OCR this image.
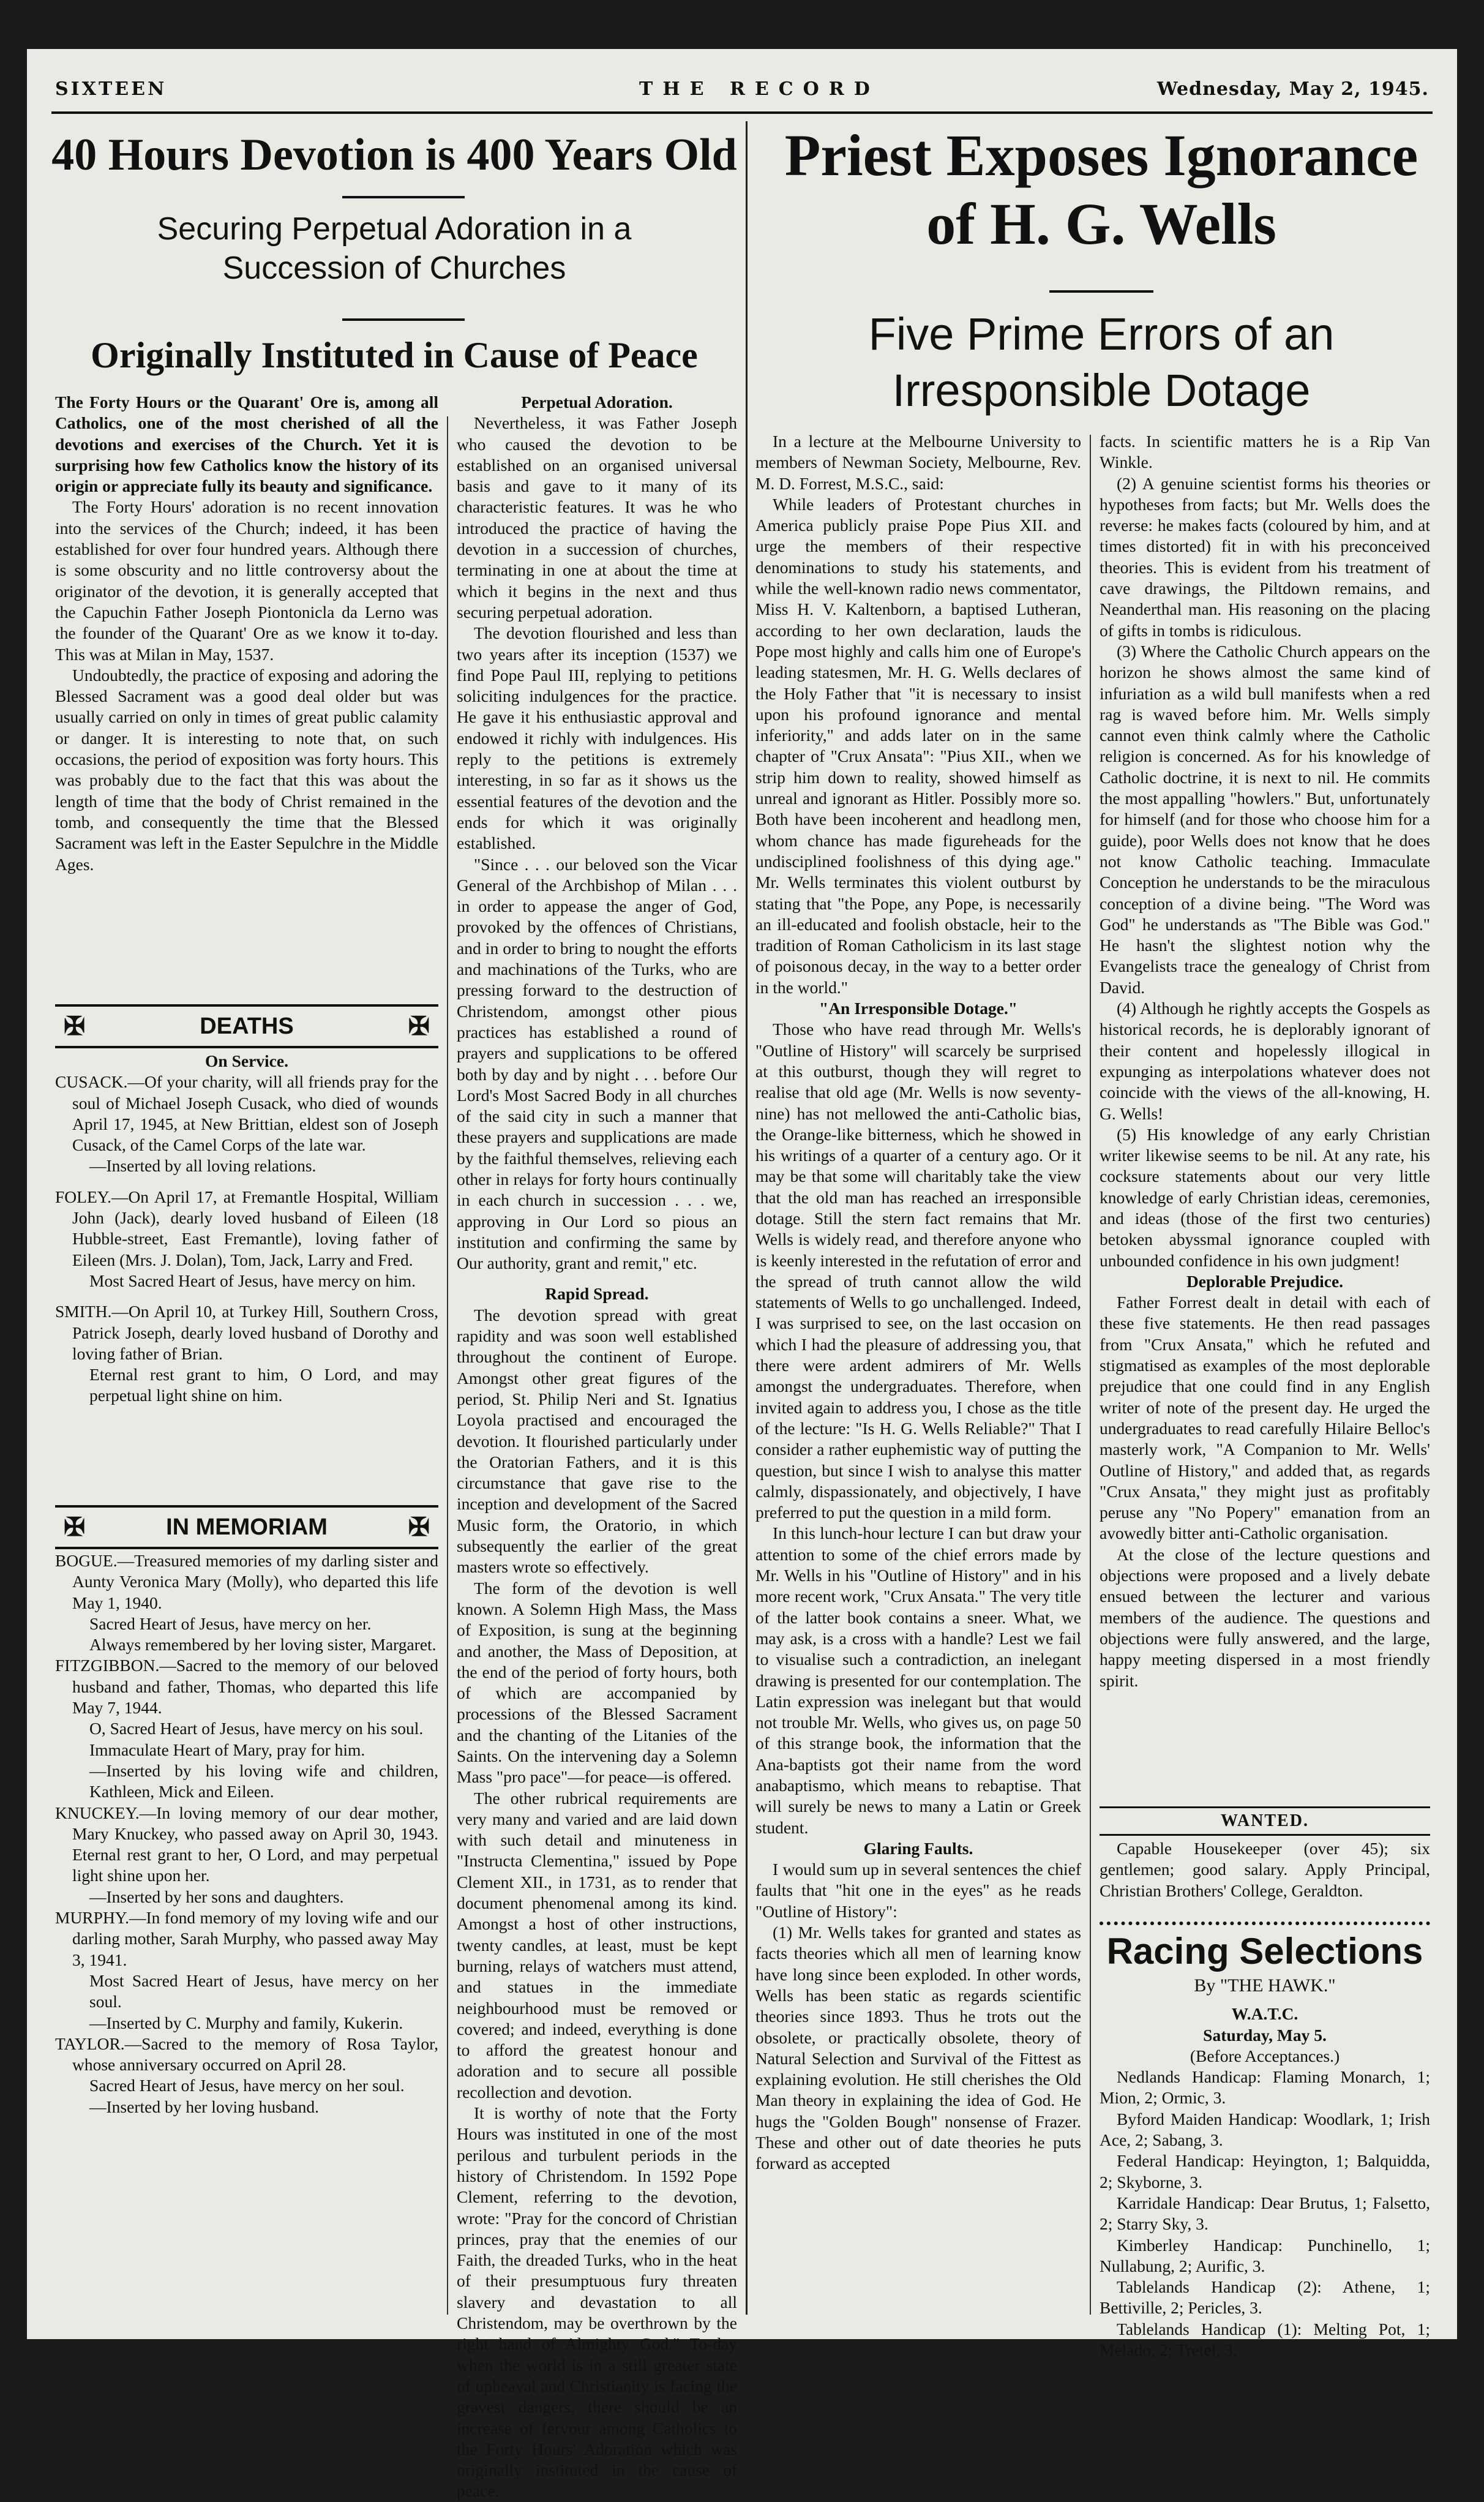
SIXTEEN	THE RECORD	Wednesday, May 2, 1945.
40 Hours Devotion is 400 Years Old
Securing Perpetual Adoration in a Succession of Churches
Originally Instituted in Cause of Peace

The Forty Hours or the Quarant' Ore is, among all Catholics, one of the most cherished of all the devotions and exercises of the Church. Yet it is surprising how few Catholics know the history of its origin or appreciate fully its beauty and significance.

The Forty Hours' adoration is no recent innovation into the services of the Church; indeed, it has been established for over four hundred years. Although there is some obscurity and no little controversy about the originator of the devotion, it is generally accepted that the Capuchin Father Joseph Piontonicla da Lerno was the founder of the Quarant' Ore as we know it to-day. This was at Milan in May, 1537.

Undoubtedly, the practice of exposing and adoring the Blessed Sacrament was a good deal older but was usually carried on only in times of great public calamity or danger. It is interesting to note that, on such occasions, the period of exposition was forty hours. This was probably due to the fact that this was about the length of time that the body of Christ remained in the tomb, and consequently the time that the Blessed Sacrament was left in the Easter Sepulchre in the Middle Ages.

✠	DEATHS	✠

On Service.

CUSACK.—Of your charity, will all friends pray for the soul of Michael Joseph Cusack, who died of wounds April 17, 1945, at New Brittian, eldest son of Joseph Cusack, of the Camel Corps of the late war.

—Inserted by all loving relations.

FOLEY.—On April 17, at Fremantle Hospital, William John (Jack), dearly loved husband of Eileen (18 Hubble-street, East Fremantle), loving father of Eileen (Mrs. J. Dolan), Tom, Jack, Larry and Fred.

Most Sacred Heart of Jesus, have mercy on him.

SMITH.—On April 10, at Turkey Hill, Southern Cross, Patrick Joseph, dearly loved husband of Dorothy and loving father of Brian.

Eternal rest grant to him, O Lord, and may perpetual light shine on him.

✠	IN MEMORIAM	✠

BOGUE.—Treasured memories of my darling sister and Aunty Veronica Mary (Molly), who departed this life May 1, 1940.

Sacred Heart of Jesus, have mercy on her.

Always remembered by her loving sister, Margaret.

FITZGIBBON.—Sacred to the memory of our beloved husband and father, Thomas, who departed this life May 7, 1944.

O, Sacred Heart of Jesus, have mercy on his soul.

Immaculate Heart of Mary, pray for him.

—Inserted by his loving wife and children, Kathleen, Mick and Eileen.

KNUCKEY.—In loving memory of our dear mother, Mary Knuckey, who passed away on April 30, 1943. Eternal rest grant to her, O Lord, and may perpetual light shine upon her.

—Inserted by her sons and daughters.

MURPHY.—In fond memory of my loving wife and our darling mother, Sarah Murphy, who passed away May 3, 1941.

Most Sacred Heart of Jesus, have mercy on her soul.

—Inserted by C. Murphy and family, Kukerin.

TAYLOR.—Sacred to the memory of Rosa Taylor, whose anniversary occurred on April 28.

Sacred Heart of Jesus, have mercy on her soul.

—Inserted by her loving husband.

Perpetual Adoration.

Nevertheless, it was Father Joseph who caused the devotion to be established on an organised universal basis and gave to it many of its characteristic features. It was he who introduced the practice of having the devotion in a succession of churches, terminating in one at about the time at which it begins in the next and thus securing perpetual adoration.

The devotion flourished and less than two years after its inception (1537) we find Pope Paul III, replying to petitions soliciting indulgences for the practice. He gave it his enthusiastic approval and endowed it richly with indulgences. His reply to the petitions is extremely interesting, in so far as it shows us the essential features of the devotion and the ends for which it was originally established.

"Since . . . our beloved son the Vicar General of the Archbishop of Milan . . . in order to appease the anger of God, provoked by the offences of Christians, and in order to bring to nought the efforts and machinations of the Turks, who are pressing forward to the destruction of Christendom, amongst other pious practices has established a round of prayers and supplications to be offered both by day and by night . . . before Our Lord's Most Sacred Body in all churches of the said city in such a manner that these prayers and supplications are made by the faithful themselves, relieving each other in relays for forty hours continually in each church in succession . . . we, approving in Our Lord so pious an institution and confirming the same by Our authority, grant and remit," etc.

Rapid Spread.

The devotion spread with great rapidity and was soon well established throughout the continent of Europe. Amongst other great figures of the period, St. Philip Neri and St. Ignatius Loyola practised and encouraged the devotion. It flourished particularly under the Oratorian Fathers, and it is this circumstance that gave rise to the inception and development of the Sacred Music form, the Oratorio, in which subsequently the earlier of the great masters wrote so effectively.

The form of the devotion is well known. A Solemn High Mass, the Mass of Exposition, is sung at the beginning and another, the Mass of Deposition, at the end of the period of forty hours, both of which are accompanied by processions of the Blessed Sacrament and the chanting of the Litanies of the Saints. On the intervening day a Solemn Mass "pro pace"—for peace—is offered.

The other rubrical requirements are very many and varied and are laid down with such detail and minuteness in "Instructa Clementina," issued by Pope Clement XII., in 1731, as to render that document phenomenal among its kind. Amongst a host of other instructions, twenty candles, at least, must be kept burning, relays of watchers must attend, and statues in the immediate neighbourhood must be removed or covered; and indeed, everything is done to afford the greatest honour and adoration and to secure all possible recollection and devotion.

It is worthy of note that the Forty Hours was instituted in one of the most perilous and turbulent periods in the history of Christendom. In 1592 Pope Clement, referring to the devotion, wrote: "Pray for the concord of Christian princes, pray that the enemies of our Faith, the dreaded Turks, who in the heat of their presumptuous fury threaten slavery and devastation to all Christendom, may be overthrown by the right hand of Almighty God." To-day when the world is in a still greater state of upheaval and Christianity is facing the gravest dangers, there should be an increase of fervour among Catholics to the Forty Hours' Adoration which was originally instituted in the cause of peace.

Priest Exposes Ignorance of H. G. Wells
Five Prime Errors of an Irresponsible Dotage

In a lecture at the Melbourne University to members of Newman Society, Melbourne, Rev. M. D. Forrest, M.S.C., said:

While leaders of Protestant churches in America publicly praise Pope Pius XII. and urge the members of their respective denominations to study his statements, and while the well-known radio news commentator, Miss H. V. Kaltenborn, a baptised Lutheran, according to her own declaration, lauds the Pope most highly and calls him one of Europe's leading statesmen, Mr. H. G. Wells declares of the Holy Father that "it is necessary to insist upon his profound ignorance and mental inferiority," and adds later on in the same chapter of "Crux Ansata": "Pius XII., when we strip him down to reality, showed himself as unreal and ignorant as Hitler. Possibly more so. Both have been incoherent and headlong men, whom chance has made figureheads for the undisciplined foolishness of this dying age." Mr. Wells terminates this violent outburst by stating that "the Pope, any Pope, is necessarily an ill-educated and foolish obstacle, heir to the tradition of Roman Catholicism in its last stage of poisonous decay, in the way to a better order in the world."

"An Irresponsible Dotage."

Those who have read through Mr. Wells's "Outline of History" will scarcely be surprised at this outburst, though they will regret to realise that old age (Mr. Wells is now seventy-nine) has not mellowed the anti-Catholic bias, the Orange-like bitterness, which he showed in his writings of a quarter of a century ago. Or it may be that some will charitably take the view that the old man has reached an irresponsible dotage. Still the stern fact remains that Mr. Wells is widely read, and therefore anyone who is keenly interested in the refutation of error and the spread of truth cannot allow the wild statements of Wells to go unchallenged. Indeed, I was surprised to see, on the last occasion on which I had the pleasure of addressing you, that there were ardent admirers of Mr. Wells amongst the undergraduates. Therefore, when invited again to address you, I chose as the title of the lecture: "Is H. G. Wells Reliable?" That I consider a rather euphemistic way of putting the question, but since I wish to analyse this matter calmly, dispassionately, and objectively, I have preferred to put the question in a mild form.

In this lunch-hour lecture I can but draw your attention to some of the chief errors made by Mr. Wells in his "Outline of History" and in his more recent work, "Crux Ansata." The very title of the latter book contains a sneer. What, we may ask, is a cross with a handle? Lest we fail to visualise such a contradiction, an inelegant drawing is presented for our contemplation. The Latin expression was inelegant but that would not trouble Mr. Wells, who gives us, on page 50 of this strange book, the information that the Ana-baptists got their name from the word anabaptismo, which means to rebaptise. That will surely be news to many a Latin or Greek student.

Glaring Faults.

I would sum up in several sentences the chief faults that "hit one in the eyes" as he reads "Outline of History":

(1) Mr. Wells takes for granted and states as facts theories which all men of learning know have long since been exploded. In other words, Wells has been static as regards scientific theories since 1893. Thus he trots out the obsolete, or practically obsolete, theory of Natural Selection and Survival of the Fittest as explaining evolution. He still cherishes the Old Man theory in explaining the idea of God. He hugs the "Golden Bough" nonsense of Frazer. These and other out of date theories he puts forward as accepted

facts. In scientific matters he is a Rip Van Winkle.

(2) A genuine scientist forms his theories or hypotheses from facts; but Mr. Wells does the reverse: he makes facts (coloured by him, and at times distorted) fit in with his preconceived theories. This is evident from his treatment of cave drawings, the Piltdown remains, and Neanderthal man. His reasoning on the placing of gifts in tombs is ridiculous.

(3) Where the Catholic Church appears on the horizon he shows almost the same kind of infuriation as a wild bull manifests when a red rag is waved before him. Mr. Wells simply cannot even think calmly where the Catholic religion is concerned. As for his knowledge of Catholic doctrine, it is next to nil. He commits the most appalling "howlers." But, unfortunately for himself (and for those who choose him for a guide), poor Wells does not know that he does not know Catholic teaching. Immaculate Conception he understands to be the miraculous conception of a divine being. "The Word was God" he understands as "The Bible was God." He hasn't the slightest notion why the Evangelists trace the genealogy of Christ from David.

(4) Although he rightly accepts the Gospels as historical records, he is deplorably ignorant of their content and hopelessly illogical in expunging as interpolations whatever does not coincide with the views of the all-knowing, H. G. Wells!

(5) His knowledge of any early Christian writer likewise seems to be nil. At any rate, his cocksure statements about our very little knowledge of early Christian ideas, ceremonies, and ideas (those of the first two centuries) betoken abyssmal ignorance coupled with unbounded confidence in his own judgment!

Deplorable Prejudice.

Father Forrest dealt in detail with each of these five statements. He then read passages from "Crux Ansata," which he refuted and stigmatised as examples of the most deplorable prejudice that one could find in any English writer of note of the present day. He urged the undergraduates to read carefully Hilaire Belloc's masterly work, "A Companion to Mr. Wells' Outline of History," and added that, as regards "Crux Ansata," they might just as profitably peruse any "No Popery" emanation from an avowedly bitter anti-Catholic organisation.

At the close of the lecture questions and objections were proposed and a lively debate ensued between the lecturer and various members of the audience. The questions and objections were fully answered, and the large, happy meeting dispersed in a most friendly spirit.

WANTED.

Capable Housekeeper (over 45); six gentlemen; good salary. Apply Principal, Christian Brothers' College, Geraldton.

Racing Selections

By "THE HAWK."

W.A.T.C.

Saturday, May 5.

(Before Acceptances.)

Nedlands Handicap: Flaming Monarch, 1; Mion, 2; Ormic, 3.

Byford Maiden Handicap: Woodlark, 1; Irish Ace, 2; Sabang, 3.

Federal Handicap: Heyington, 1; Balquidda, 2; Skyborne, 3.

Karridale Handicap: Dear Brutus, 1; Falsetto, 2; Starry Sky, 3.

Kimberley Handicap: Punchinello, 1; Nullabung, 2; Aurific, 3.

Tablelands Handicap (2): Athene, 1; Bettiville, 2; Pericles, 3.

Tablelands Handicap (1): Melting Pot, 1; Melado, 2; Tretel, 3.
